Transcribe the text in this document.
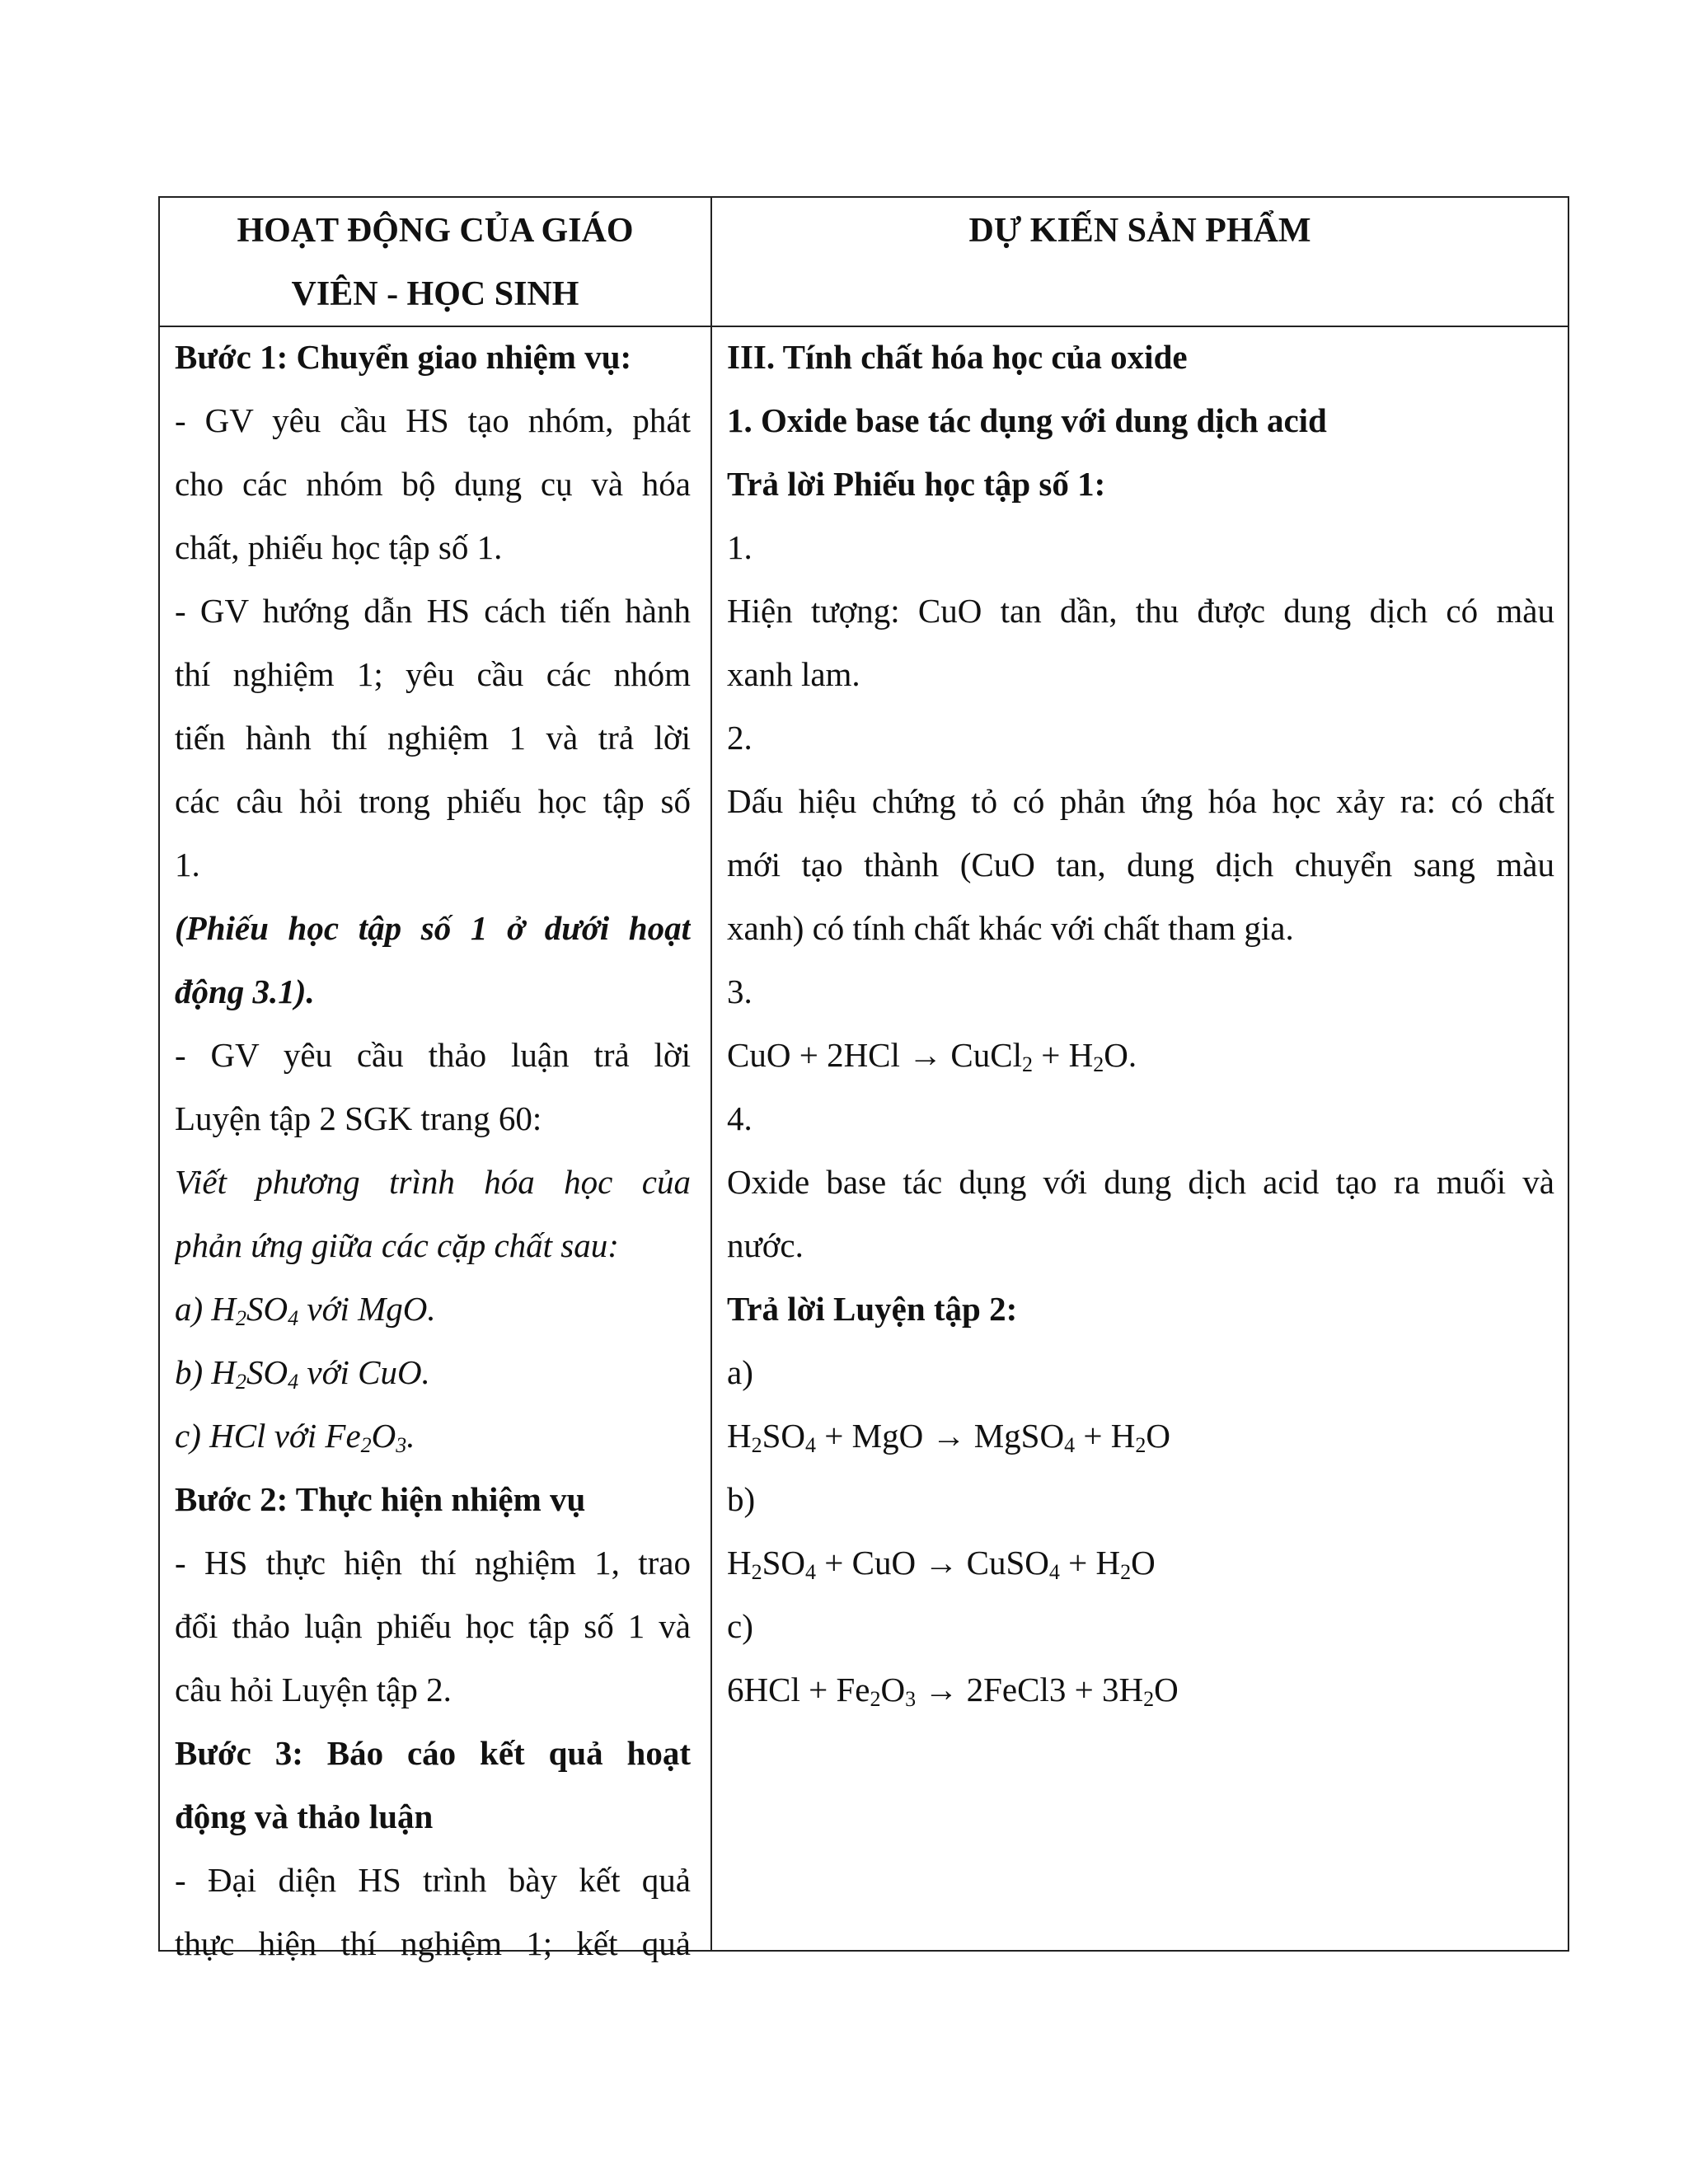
HOẠT ĐỘNG CỦA GIÁO
VIÊN - HỌC SINH
DỰ KIẾN SẢN PHẨM
Bước 1: Chuyển giao nhiệm vụ:
- GV yêu cầu HS tạo nhóm, phát
cho các nhóm bộ dụng cụ và hóa
chất, phiếu học tập số 1.
- GV hướng dẫn HS cách tiến hành
thí nghiệm 1; yêu cầu các nhóm
tiến hành thí nghiệm 1 và trả lời
các câu hỏi trong phiếu học tập số
1.
(Phiếu học tập số 1 ở dưới hoạt
động 3.1).
- GV yêu cầu thảo luận trả lời
Luyện tập 2 SGK trang 60:
Viết phương trình hóa học của
phản ứng giữa các cặp chất sau:
a) $H_2SO_4$ với MgO.
b) $H_2SO_4$ với CuO.
c) HCl với $Fe_2O_3$.
Bước 2: Thực hiện nhiệm vụ
- HS thực hiện thí nghiệm 1, trao
đổi thảo luận phiếu học tập số 1 và
câu hỏi Luyện tập 2.
Bước 3: Báo cáo kết quả hoạt
động và thảo luận
- Đại diện HS trình bày kết quả
thực hiện thí nghiệm 1; kết quả
III. Tính chất hóa học của oxide
1. Oxide base tác dụng với dung dịch acid
Trả lời Phiếu học tập số 1:
1.
Hiện tượng: CuO tan dần, thu được dung dịch có màu
xanh lam.
2.
Dấu hiệu chứng tỏ có phản ứng hóa học xảy ra: có chất
mới tạo thành (CuO tan, dung dịch chuyển sang màu
xanh) có tính chất khác với chất tham gia.
3.
CuO + 2HCl → CuCl$_2$ + $H_2O$.
4.
Oxide base tác dụng với dung dịch acid tạo ra muối và
nước.
Trả lời Luyện tập 2:
a)
$H_2SO_4$ + MgO → MgSO$_4$ + $H_2O$
b)
$H_2SO_4$ + CuO → CuSO$_4$ + $H_2O$
c)
$6HCl + Fe_2O_3$ → 2FeCl3 + $3H_2O$
